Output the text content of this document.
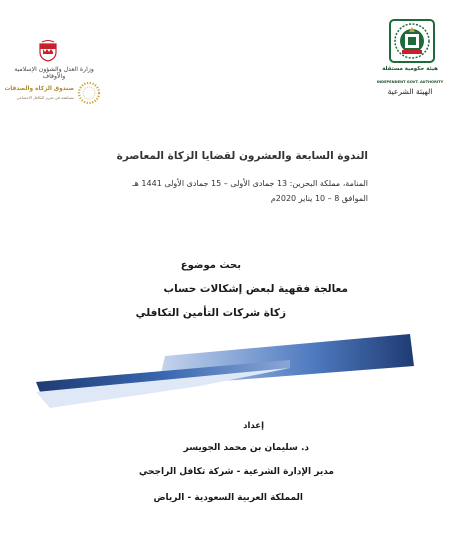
هيئة حكومية مستقلة
INDEPENDENT GOVT. AUTHORITY
الهيئة الشرعية
وزارة العدل والشؤون الإسلامية والأوقاف
صندوق الزكاة والصدقات
مساهمة في تعزيز التكافل الاجتماعي
الندوة السابعة والعشرون لقضايا الزكاة المعاصرة
المنامة، مملكة البحرين: 13 جمادى الأولى – 15 جمادى الأولى 1441 هـ
الموافق 8 – 10 يناير 2020م
بحث موضوع
معالجة فقهية لبعض إشكالات حساب
زكاة شركات التأمين التكافلي
إعداد
د. سليمان بن محمد الجويسر
مدير الإدارة الشرعية - شركة تكافل الراجحي
المملكة العربية السعودية - الرياض
